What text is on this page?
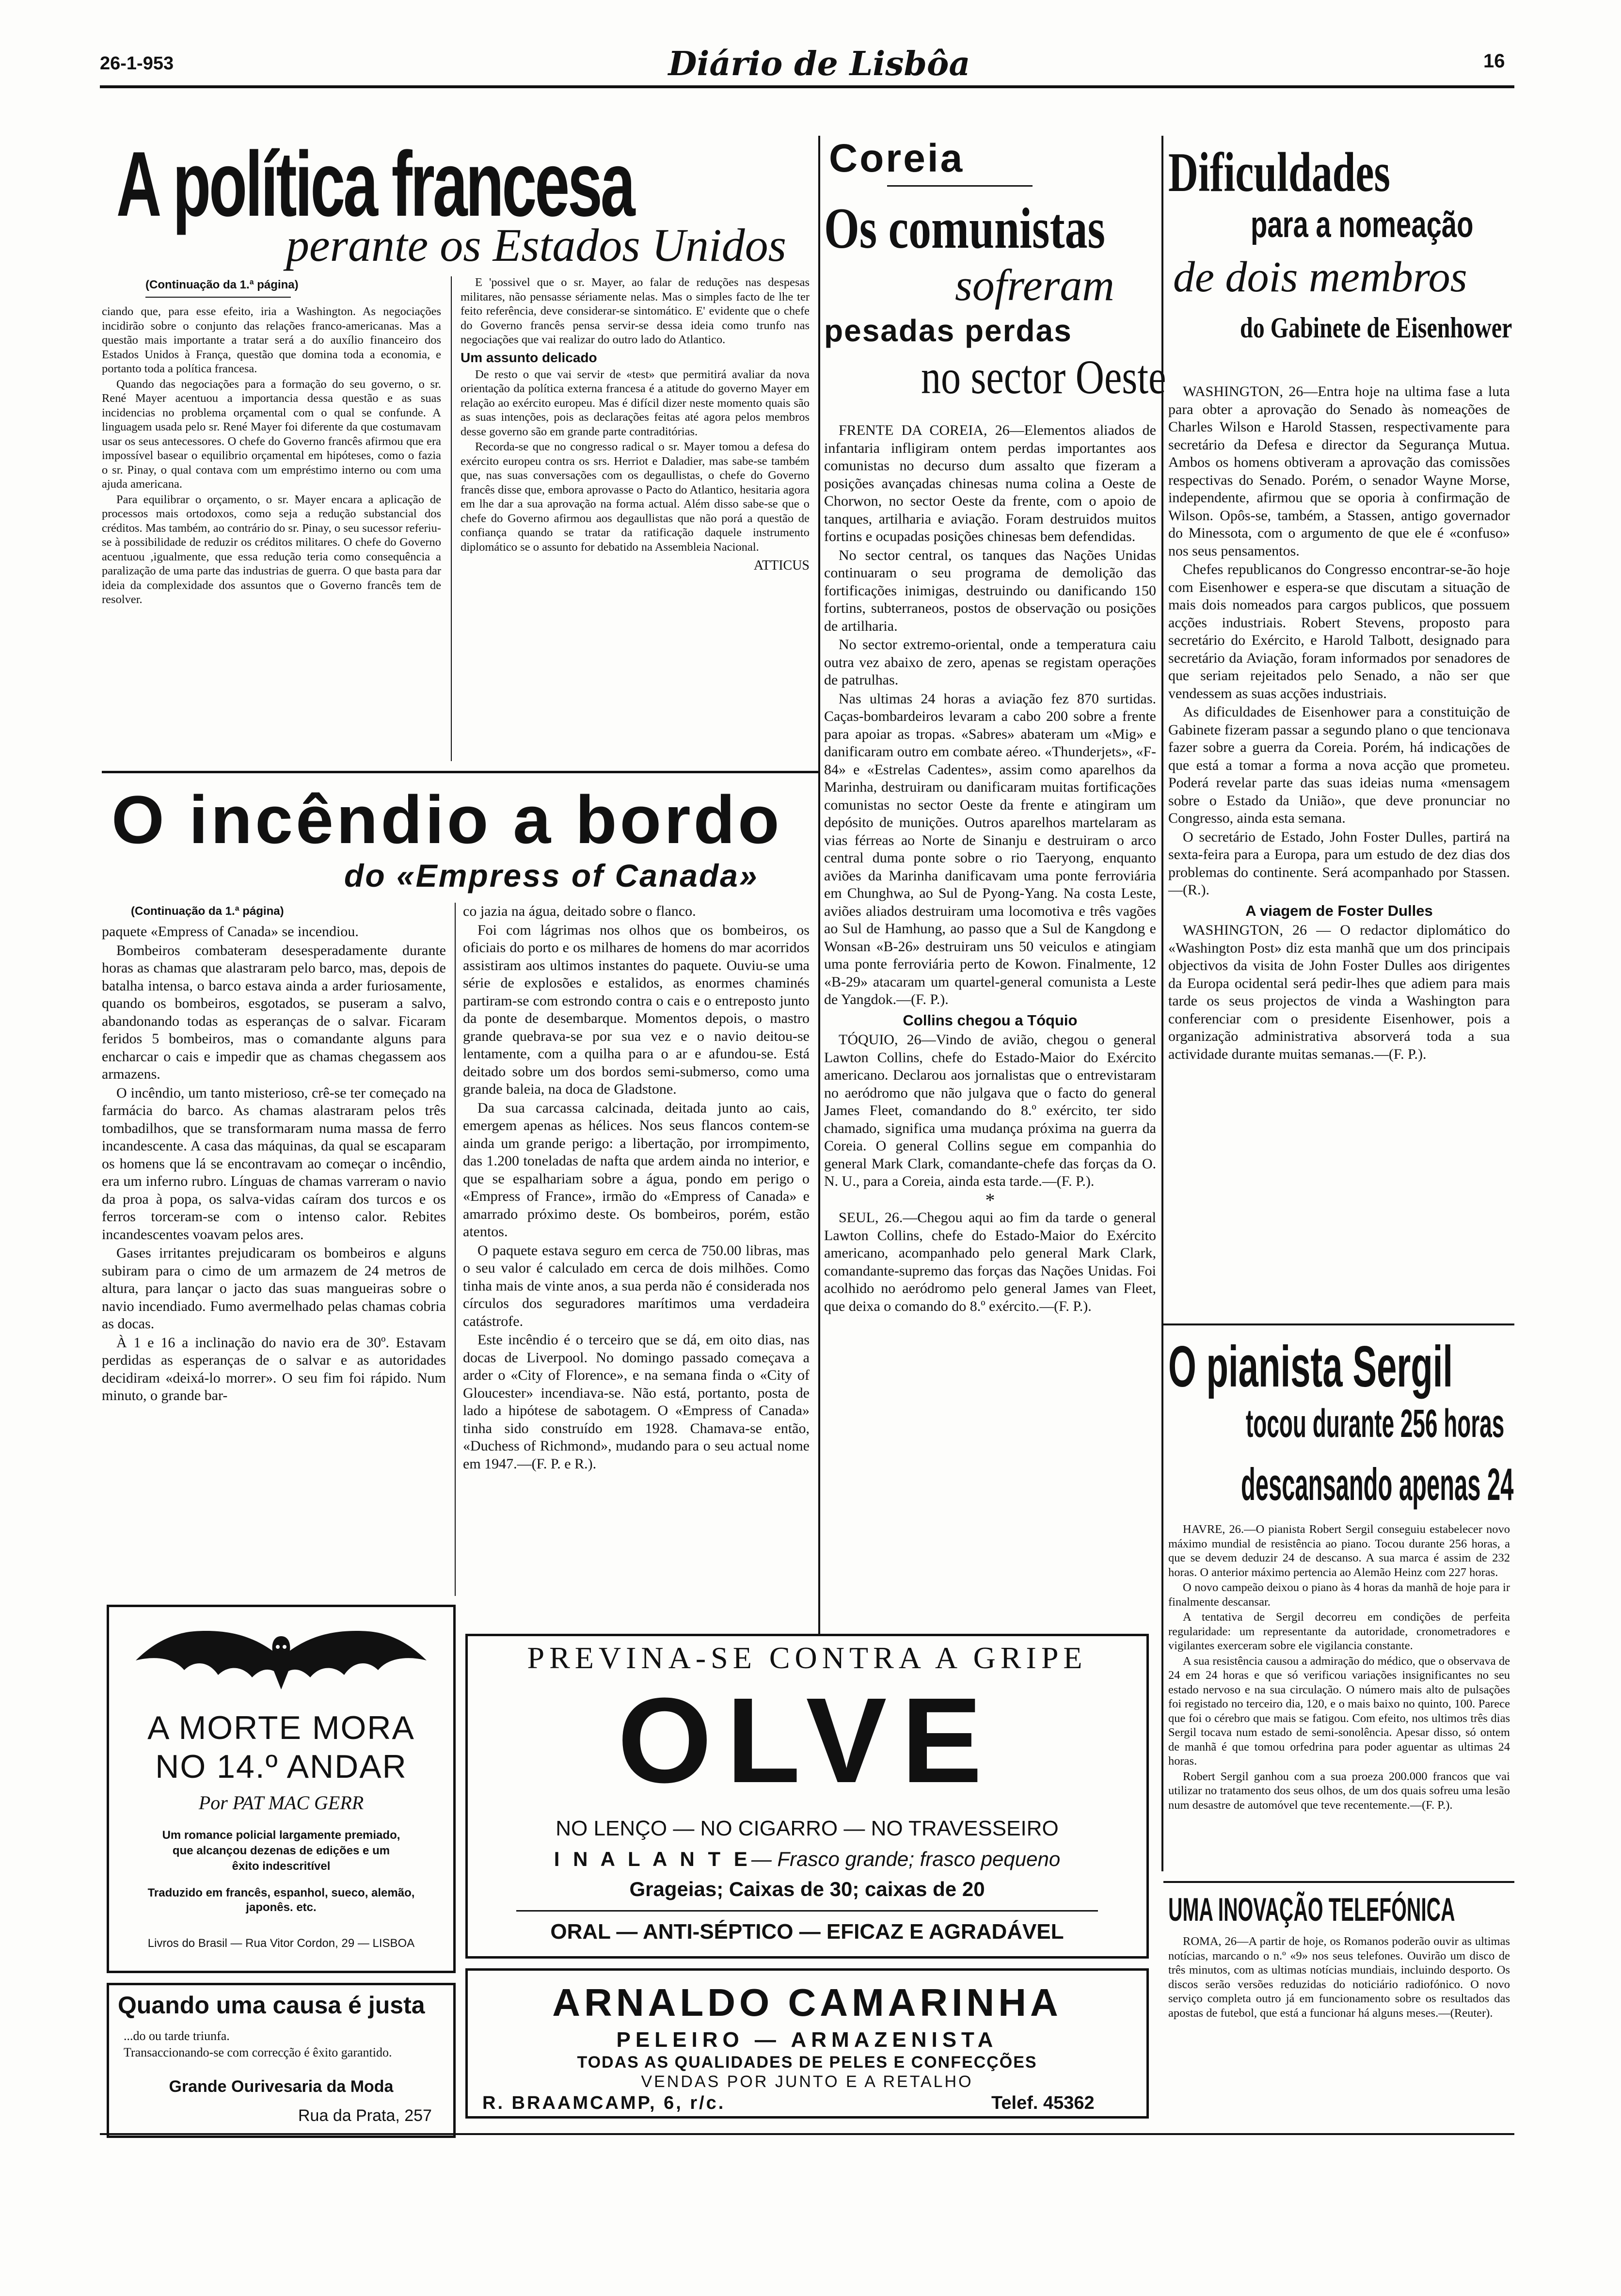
26-1-953	Diário de Lisbôa	16
A política francesa
perante os Estados Unidos
(Continuação da 1.ª página)

ciando que, para esse efeito, iria a Washington. As negociações incidirão sobre o conjunto das relações franco-americanas. Mas a questão mais importante a tratar será a do auxílio financeiro dos Estados Unidos à França, questão que domina toda a economia, e portanto toda a política francesa.

Quando das negociações para a formação do seu governo, o sr. René Mayer acentuou a importancia dessa questão e as suas incidencias no problema orçamental com o qual se confunde. A linguagem usada pelo sr. René Mayer foi diferente da que costumavam usar os seus antecessores. O chefe do Governo francês afirmou que era impossível basear o equilibrio orçamental em hipóteses, como o fazia o sr. Pinay, o qual contava com um empréstimo interno ou com uma ajuda americana.

Para equilibrar o orçamento, o sr. Mayer encara a aplicação de processos mais ortodoxos, como seja a redução substancial dos créditos. Mas também, ao contrário do sr. Pinay, o seu sucessor referiu-se à possibilidade de reduzir os créditos militares. O chefe do Governo acentuou ,igualmente, que essa redução teria como consequência a paralização de uma parte das industrias de guerra. O que basta para dar ideia da complexidade dos assuntos que o Governo francês tem de resolver.

E 'possivel que o sr. Mayer, ao falar de reduções nas despesas militares, não pensasse sériamente nelas. Mas o simples facto de lhe ter feito referência, deve considerar-se sintomático. E' evidente que o chefe do Governo francês pensa servir-se dessa ideia como trunfo nas negociações que vai realizar do outro lado do Atlantico.

Um assunto delicado

De resto o que vai servir de «test» que permitirá avaliar da nova orientação da política externa francesa é a atitude do governo Mayer em relação ao exército europeu. Mas é difícil dizer neste momento quais são as suas intenções, pois as declarações feitas até agora pelos membros desse governo são em grande parte contraditórias.

Recorda-se que no congresso radical o sr. Mayer tomou a defesa do exército europeu contra os srs. Herriot e Daladier, mas sabe-se também que, nas suas conversações com os degaullistas, o chefe do Governo francês disse que, embora aprovasse o Pacto do Atlantico, hesitaria agora em lhe dar a sua aprovação na forma actual. Além disso sabe-se que o chefe do Governo afirmou aos degaullistas que não porá a questão de confiança quando se tratar da ratificação daquele instrumento diplomático se o assunto for debatido na Assembleia Nacional.

ATTICUS
O incêndio a bordo
do «Empress of Canada»
(Continuação da 1.ª página)

paquete «Empress of Canada» se incendiou.

Bombeiros combateram desesperadamente durante horas as chamas que alastraram pelo barco, mas, depois de batalha intensa, o barco estava ainda a arder furiosamente, quando os bombeiros, esgotados, se puseram a salvo, abandonando todas as esperanças de o salvar. Ficaram feridos 5 bombeiros, mas o comandante alguns para encharcar o cais e impedir que as chamas chegassem aos armazens.

O incêndio, um tanto misterioso, crê-se ter começado na farmácia do barco. As chamas alastraram pelos três tombadilhos, que se transformaram numa massa de ferro incandescente. A casa das máquinas, da qual se escaparam os homens que lá se encontravam ao começar o incêndio, era um inferno rubro. Línguas de chamas varreram o navio da proa à popa, os salva-vidas caíram dos turcos e os ferros torceram-se com o intenso calor. Rebites incandescentes voavam pelos ares.

Gases irritantes prejudicaram os bombeiros e alguns subiram para o cimo de um armazem de 24 metros de altura, para lançar o jacto das suas mangueiras sobre o navio incendiado. Fumo avermelhado pelas chamas cobria as docas.

À 1 e 16 a inclinação do navio era de 30º. Estavam perdidas as esperanças de o salvar e as autoridades decidiram «deixá-lo morrer». O seu fim foi rápido. Num minuto, o grande bar-

co jazia na água, deitado sobre o flanco.

Foi com lágrimas nos olhos que os bombeiros, os oficiais do porto e os milhares de homens do mar acorridos assistiram aos ultimos instantes do paquete. Ouviu-se uma série de explosões e estalidos, as enormes chaminés partiram-se com estrondo contra o cais e o entreposto junto da ponte de desembarque. Momentos depois, o mastro grande quebrava-se por sua vez e o navio deitou-se lentamente, com a quilha para o ar e afundou-se. Está deitado sobre um dos bordos semi-submerso, como uma grande baleia, na doca de Gladstone.

Da sua carcassa calcinada, deitada junto ao cais, emergem apenas as hélices. Nos seus flancos contem-se ainda um grande perigo: a libertação, por irrompimento, das 1.200 toneladas de nafta que ardem ainda no interior, e que se espalhariam sobre a água, pondo em perigo o «Empress of France», irmão do «Empress of Canada» e amarrado próximo deste. Os bombeiros, porém, estão atentos.

O paquete estava seguro em cerca de 750.00 libras, mas o seu valor é calculado em cerca de dois milhões. Como tinha mais de vinte anos, a sua perda não é considerada nos círculos dos seguradores marítimos uma verdadeira catástrofe.

Este incêndio é o terceiro que se dá, em oito dias, nas docas de Liverpool. No domingo passado começava a arder o «City of Florence», e na semana finda o «City of Gloucester» incendiava-se. Não está, portanto, posta de lado a hipótese de sabotagem. O «Empress of Canada» tinha sido construído em 1928. Chamava-se então, «Duchess of Richmond», mudando para o seu actual nome em 1947.—(F. P. e R.).

Coreia
Os comunistas
sofreram
pesadas perdas
no sector Oeste

FRENTE DA COREIA, 26—Elementos aliados de infantaria infligiram ontem perdas importantes aos comunistas no decurso dum assalto que fizeram a posições avançadas chinesas numa colina a Oeste de Chorwon, no sector Oeste da frente, com o apoio de tanques, artilharia e aviação. Foram destruidos muitos fortins e ocupadas posições chinesas bem defendidas.

No sector central, os tanques das Nações Unidas continuaram o seu programa de demolição das fortificações inimigas, destruindo ou danificando 150 fortins, subterraneos, postos de observação ou posições de artilharia.

No sector extremo-oriental, onde a temperatura caiu outra vez abaixo de zero, apenas se registam operações de patrulhas.

Nas ultimas 24 horas a aviação fez 870 surtidas. Caças-bombardeiros levaram a cabo 200 sobre a frente para apoiar as tropas. «Sabres» abateram um «Mig» e danificaram outro em combate aéreo. «Thunderjets», «F-84» e «Estrelas Cadentes», assim como aparelhos da Marinha, destruiram ou danificaram muitas fortificações comunistas no sector Oeste da frente e atingiram um depósito de munições. Outros aparelhos martelaram as vias férreas ao Norte de Sinanju e destruiram o arco central duma ponte sobre o rio Taeryong, enquanto aviões da Marinha danificavam uma ponte ferroviária em Chunghwa, ao Sul de Pyong-Yang. Na costa Leste, aviões aliados destruiram uma locomotiva e três vagões ao Sul de Hamhung, ao passo que a Sul de Kangdong e Wonsan «B-26» destruiram uns 50 veiculos e atingiam uma ponte ferroviária perto de Kowon. Finalmente, 12 «B-29» atacaram um quartel-general comunista a Leste de Yangdok.—(F. P.).

Collins chegou a Tóquio

TÓQUIO, 26—Vindo de avião, chegou o general Lawton Collins, chefe do Estado-Maior do Exército americano. Declarou aos jornalistas que o entrevistaram no aeródromo que não julgava que o facto do general James Fleet, comandando do 8.º exército, ter sido chamado, significa uma mudança próxima na guerra da Coreia. O general Collins segue em companhia do general Mark Clark, comandante-chefe das forças da O. N. U., para a Coreia, ainda esta tarde.—(F. P.).

*

SEUL, 26.—Chegou aqui ao fim da tarde o general Lawton Collins, chefe do Estado-Maior do Exército americano, acompanhado pelo general Mark Clark, comandante-supremo das forças das Nações Unidas. Foi acolhido no aeródromo pelo general James van Fleet, que deixa o comando do 8.º exército.—(F. P.).

Dificuldades
para a nomeação
de dois membros
do Gabinete de Eisenhower

WASHINGTON, 26—Entra hoje na ultima fase a luta para obter a aprovação do Senado às nomeações de Charles Wilson e Harold Stassen, respectivamente para secretário da Defesa e director da Segurança Mutua. Ambos os homens obtiveram a aprovação das comissões respectivas do Senado. Porém, o senador Wayne Morse, independente, afirmou que se oporia à confirmação de Wilson. Opôs-se, também, a Stassen, antigo governador do Minessota, com o argumento de que ele é «confuso» nos seus pensamentos.

Chefes republicanos do Congresso encontrar-se-ão hoje com Eisenhower e espera-se que discutam a situação de mais dois nomeados para cargos publicos, que possuem acções industriais. Robert Stevens, proposto para secretário do Exército, e Harold Talbott, designado para secretário da Aviação, foram informados por senadores de que seriam rejeitados pelo Senado, a não ser que vendessem as suas acções industriais.

As dificuldades de Eisenhower para a constituição de Gabinete fizeram passar a segundo plano o que tencionava fazer sobre a guerra da Coreia. Porém, há indicações de que está a tomar a forma a nova acção que prometeu. Poderá revelar parte das suas ideias numa «mensagem sobre o Estado da União», que deve pronunciar no Congresso, ainda esta semana.

O secretário de Estado, John Foster Dulles, partirá na sexta-feira para a Europa, para um estudo de dez dias dos problemas do continente. Será acompanhado por Stassen.—(R.).

A viagem de Foster Dulles

WASHINGTON, 26 — O redactor diplomático do «Washington Post» diz esta manhã que um dos principais objectivos da visita de John Foster Dulles aos dirigentes da Europa ocidental será pedir-lhes que adiem para mais tarde os seus projectos de vinda a Washington para conferenciar com o presidente Eisenhower, pois a organização administrativa absorverá toda a sua actividade durante muitas semanas.—(F. P.).

O pianista Sergil
tocou durante 256 horas
descansando apenas 24

HAVRE, 26.—O pianista Robert Sergil conseguiu estabelecer novo máximo mundial de resistência ao piano. Tocou durante 256 horas, a que se devem deduzir 24 de descanso. A sua marca é assim de 232 horas. O anterior máximo pertencia ao Alemão Heinz com 227 horas.

O novo campeão deixou o piano às 4 horas da manhã de hoje para ir finalmente descansar.

A tentativa de Sergil decorreu em condições de perfeita regularidade: um representante da autoridade, cronometradores e vigilantes exerceram sobre ele vigilancia constante.

A sua resistência causou a admiração do médico, que o observava de 24 em 24 horas e que só verificou variações insignificantes no seu estado nervoso e na sua circulação. O número mais alto de pulsações foi registado no terceiro dia, 120, e o mais baixo no quinto, 100. Parece que foi o cérebro que mais se fatigou. Com efeito, nos ultimos três dias Sergil tocava num estado de semi-sonolência. Apesar disso, só ontem de manhã é que tomou orfedrina para poder aguentar as ultimas 24 horas.

Robert Sergil ganhou com a sua proeza 200.000 francos que vai utilizar no tratamento dos seus olhos, de um dos quais sofreu uma lesão num desastre de automóvel que teve recentemente.—(F. P.).

UMA INOVAÇÃO TELEFÓNICA

ROMA, 26—A partir de hoje, os Romanos poderão ouvir as ultimas notícias, marcando o n.º «9» nos seus telefones. Ouvirão um disco de três minutos, com as ultimas notícias mundiais, incluindo desporto. Os discos serão versões reduzidas do noticiário radiofónico. O novo serviço completa outro já em funcionamento sobre os resultados das apostas de futebol, que está a funcionar há alguns meses.—(Reuter).

A MORTE MORA
NO 14.º ANDAR
Por PAT MAC GERR
Um romance policial largamente premiado,
que alcançou dezenas de edições e um
êxito indescritível
Traduzido em francês, espanhol, sueco, alemão,
japonês. etc.
Livros do Brasil — Rua Vitor Cordon, 29 — LISBOA
Quando uma causa é justa
...do ou tarde triunfa.
Transaccionando-se com correcção é êxito garantido.
Grande Ourivesaria da Moda
Rua da Prata, 257
PREVINA-SE CONTRA A GRIPE
OLVE
NO LENÇO — NO CIGARRO — NO TRAVESSEIRO
I N A L A N T E— Frasco grande; frasco pequeno
Grageias; Caixas de 30; caixas de 20
ORAL — ANTI-SÉPTICO — EFICAZ E AGRADÁVEL
ARNALDO CAMARINHA
PELEIRO — ARMAZENISTA
TODAS AS QUALIDADES DE PELES E CONFECÇÕES
VENDAS POR JUNTO E A RETALHO
R. BRAAMCAMP, 6, r/c.	Telef. 45362
